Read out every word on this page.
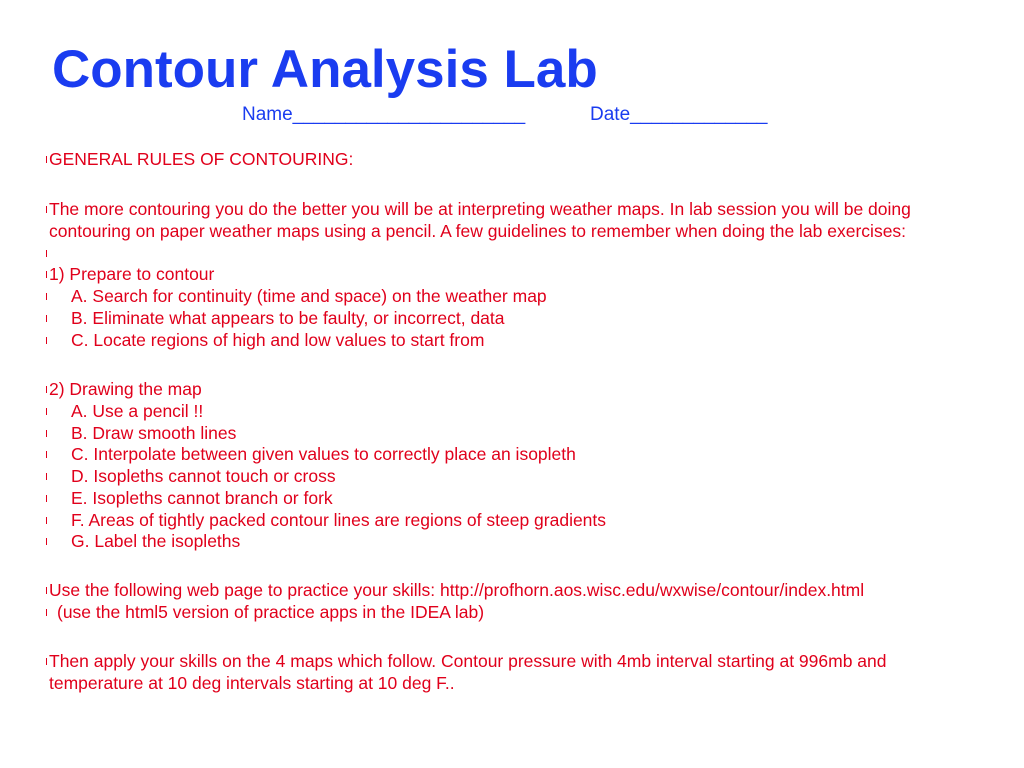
Contour Analysis Lab
Name______________________	Date_____________
GENERAL RULES OF CONTOURING:
The more contouring you do the better you will be at interpreting weather maps. In lab session you will be doing
contouring on paper weather maps using a pencil. A few guidelines to remember when doing the lab exercises:
1) Prepare to contour
A. Search for continuity (time and space) on the weather map
B. Eliminate what appears to be faulty, or incorrect, data
C. Locate regions of high and low values to start from
2) Drawing the map
A. Use a pencil !!
B. Draw smooth lines
C. Interpolate between given values to correctly place an isopleth
D. Isopleths cannot touch or cross
E. Isopleths cannot branch or fork
F. Areas of tightly packed contour lines are regions of steep gradients
G. Label the isopleths
Use the following web page to practice your skills: http://profhorn.aos.wisc.edu/wxwise/contour/index.html
(use the html5 version of practice apps in the IDEA lab)
Then apply your skills on the 4 maps which follow. Contour pressure with 4mb interval starting at 996mb and
temperature at 10 deg intervals starting at 10 deg F..
